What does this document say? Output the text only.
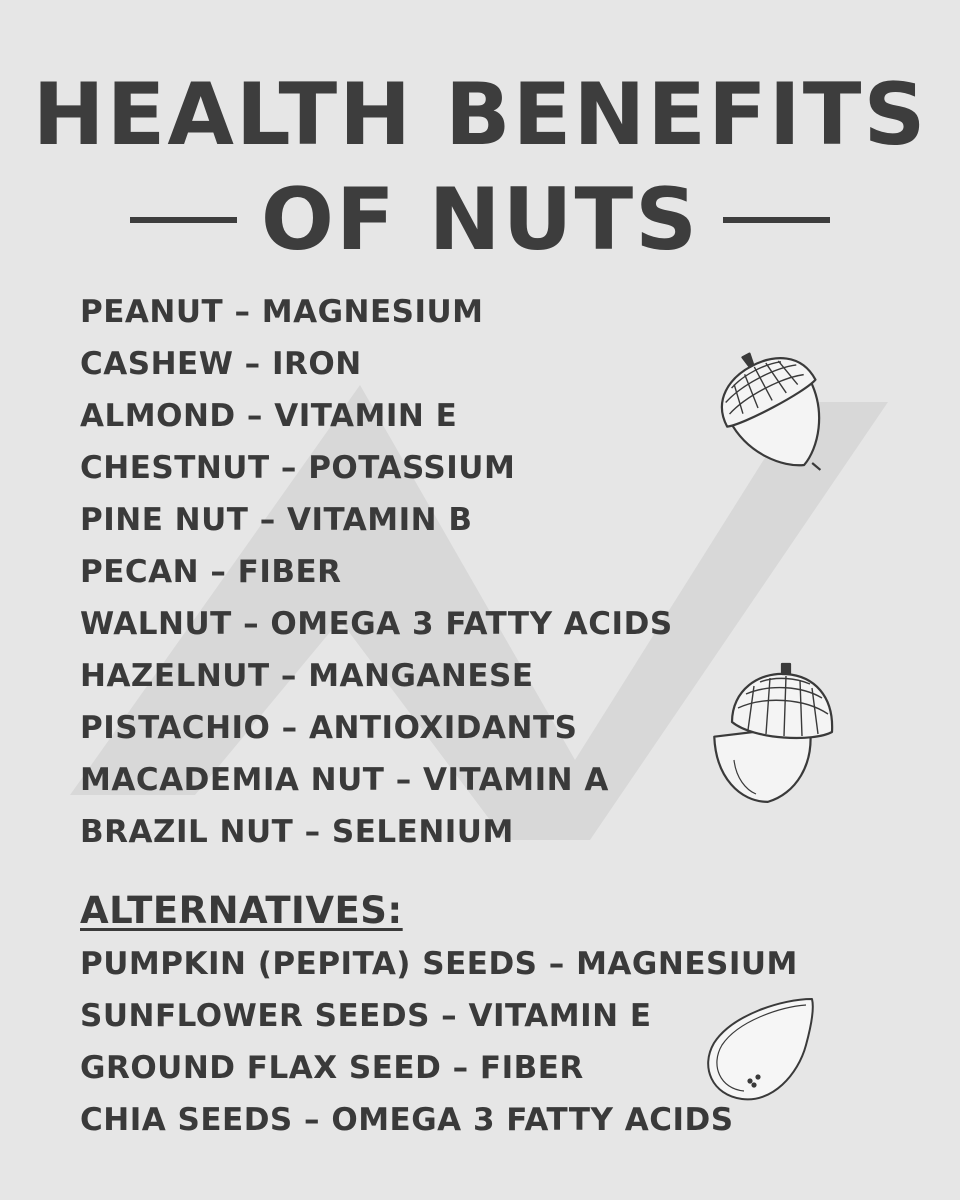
HEALTH BENEFITS
OF NUTS
PEANUT – MAGNESIUM
CASHEW – IRON
ALMOND – VITAMIN E
CHESTNUT – POTASSIUM
PINE NUT – VITAMIN B
PECAN – FIBER
WALNUT – OMEGA 3 FATTY ACIDS
HAZELNUT – MANGANESE
PISTACHIO – ANTIOXIDANTS
MACADEMIA NUT – VITAMIN A
BRAZIL NUT – SELENIUM
ALTERNATIVES:
PUMPKIN (PEPITA) SEEDS – MAGNESIUM
SUNFLOWER SEEDS – VITAMIN E
GROUND FLAX SEED – FIBER
CHIA SEEDS – OMEGA 3 FATTY ACIDS
